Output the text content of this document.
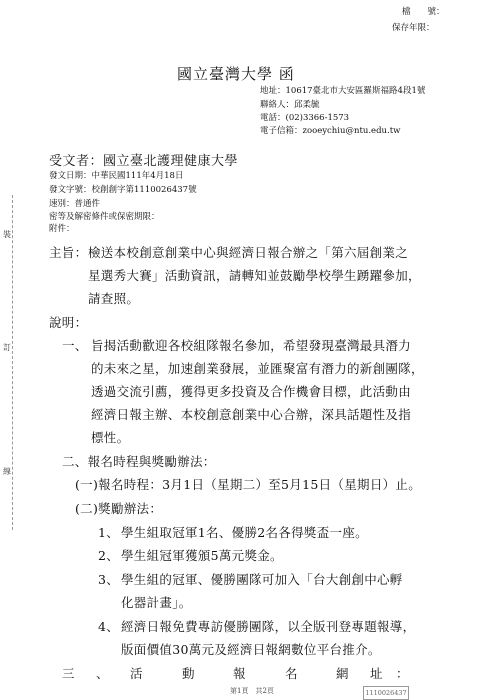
檔　　號：
保存年限：
國立臺灣大學 函
地址：10617臺北市大安區羅斯福路4段1號
聯絡人：邱柔毓
電話：(02)3366-1573
電子信箱：zooeychiu@ntu.edu.tw
受文者：國立臺北護理健康大學
發文日期：中華民國111年4月18日
發文字號：校創創字第1110026437號
速別：普通件
密等及解密條件或保密期限：
附件：
裝
訂
線
主旨： 檢送本校創意創業中心與經濟日報合辦之「第六屆創業之
星選秀大賽」活動資訊，請轉知並鼓勵學校學生踴躍參加，
請查照。
說明：
一、 旨揭活動歡迎各校組隊報名參加，希望發現臺灣最具潛力
的未來之星，加速創業發展，並匯聚富有潛力的新創團隊，
透過交流引薦，獲得更多投資及合作機會目標，此活動由
經濟日報主辦、本校創意創業中心合辦，深具話題性及指
標性。
二、報名時程與獎勵辦法：
(一)報名時程：3月1日（星期二）至5月15日（星期日）止。
(二)獎勵辦法：
1、 學生組取冠軍1名、優勝2名各得獎盃一座。
2、 學生組冠軍獲頒5萬元獎金。
3、 學生組的冠軍、優勝團隊可加入「台大創創中心孵
化器計畫」。
4、 經濟日報免費專訪優勝團隊，以全版刊登專題報導，
版面價值30萬元及經濟日報網數位平台推介。
三 、 活	動	報	名	網 址 ：
第1頁　共2頁	1110026437
